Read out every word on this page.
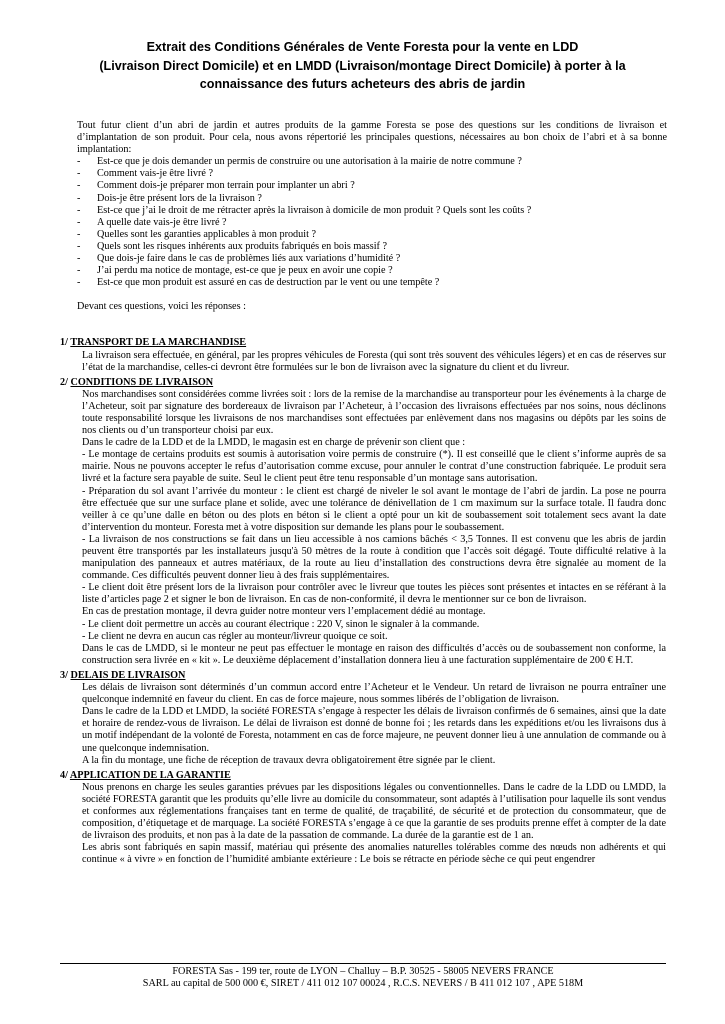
Extrait des Conditions Générales de Vente Foresta pour la vente en LDD
(Livraison Direct Domicile) et en LMDD (Livraison/montage Direct Domicile) à porter à la
connaissance des futurs acheteurs des abris de jardin
Tout futur client d’un abri de jardin et autres produits de la gamme Foresta se pose des questions sur les conditions de livraison et d’implantation de son produit. Pour cela, nous avons répertorié les principales questions, nécessaires au bon choix de l’abri et à sa bonne implantation:
- Est-ce que je dois demander un permis de construire ou une autorisation à la mairie de notre commune ?
- Comment vais-je être livré ?
- Comment dois-je préparer mon terrain pour implanter un abri ?
- Dois-je être présent lors de la livraison ?
- Est-ce que j’ai le droit de me rétracter après la livraison à domicile de mon produit ? Quels sont les coûts ?
- A quelle date vais-je être livré ?
- Quelles sont les garanties applicables à mon produit ?
- Quels sont les risques inhérents aux produits fabriqués en bois massif ?
- Que dois-je faire dans le cas de problèmes liés aux variations d’humidité ?
- J’ai perdu ma notice de montage, est-ce que je peux en avoir une copie ?
- Est-ce que mon produit est assuré en cas de destruction par le vent ou une tempête ?
Devant ces questions, voici les réponses :
1/ TRANSPORT DE LA MARCHANDISE

La livraison sera effectuée, en général, par les propres véhicules de Foresta (qui sont très souvent des véhicules légers) et en cas de réserves sur l’état de la marchandise, celles-ci devront être formulées sur le bon de livraison avec la signature du client et du livreur.

2/ CONDITIONS DE LIVRAISON

Nos marchandises sont considérées comme livrées soit : lors de la remise de la marchandise au transporteur pour les événements à la charge de l’Acheteur, soit par signature des bordereaux de livraison par l’Acheteur, à l’occasion des livraisons effectuées par nos soins, nous déclinons toute responsabilité lorsque les livraisons de nos marchandises sont effectuées par enlèvement dans nos magasins ou dépôts par les soins de nos clients ou d’un transporteur choisi par eux.

Dans le cadre de la LDD et de la LMDD, le magasin est en charge de prévenir son client que :

- Le montage de certains produits est soumis à autorisation voire permis de construire (*). Il est conseillé que le client s’informe auprès de sa mairie. Nous ne pouvons accepter le refus d’autorisation comme excuse, pour annuler le contrat d’une construction fabriquée. Le produit sera livré et la facture sera payable de suite. Seul le client peut être tenu responsable d’un montage sans autorisation.

- Préparation du sol avant l’arrivée du monteur : le client est chargé de niveler le sol avant le montage de l’abri de jardin. La pose ne pourra être effectuée que sur une surface plane et solide, avec une tolérance de dénivellation de 1 cm maximum sur la surface totale. Il faudra donc veiller à ce qu’une dalle en béton ou des plots en béton si le client a opté pour un kit de soubassement soit totalement secs avant la date d’intervention du monteur. Foresta met à votre disposition sur demande les plans pour le soubassement.

- La livraison de nos constructions se fait dans un lieu accessible à nos camions bâchés < 3,5 Tonnes. Il est convenu que les abris de jardin peuvent être transportés par les installateurs jusqu'à 50 mètres de la route à condition que l’accès soit dégagé. Toute difficulté relative à la manipulation des panneaux et autres matériaux, de la route au lieu d’installation des constructions devra être signalée au moment de la commande. Ces difficultés peuvent donner lieu à des frais supplémentaires.

- Le client doit être présent lors de la livraison pour contrôler avec le livreur que toutes les pièces sont présentes et intactes en se référant à la liste d’articles page 2 et signer le bon de livraison. En cas de non-conformité, il devra le mentionner sur ce bon de livraison.

En cas de prestation montage, il devra guider notre monteur vers l’emplacement dédié au montage.

- Le client doit permettre un accès au courant électrique : 220 V, sinon le signaler à la commande.

- Le client ne devra en aucun cas régler au monteur/livreur quoique ce soit.

Dans le cas de LMDD, si le monteur ne peut pas effectuer le montage en raison des difficultés d’accès ou de soubassement non conforme, la construction sera livrée en « kit ». Le deuxième déplacement d’installation donnera lieu à une facturation supplémentaire de 200 € H.T.

3/ DELAIS DE LIVRAISON

Les délais de livraison sont déterminés d’un commun accord entre l’Acheteur et le Vendeur. Un retard de livraison ne pourra entraîner une quelconque indemnité en faveur du client. En cas de force majeure, nous sommes libérés de l’obligation de livraison.

Dans le cadre de la LDD et LMDD, la société FORESTA s’engage à respecter les délais de livraison confirmés de 6 semaines, ainsi que la date et horaire de rendez-vous de livraison. Le délai de livraison est donné de bonne foi ; les retards dans les expéditions et/ou les livraisons dus à un motif indépendant de la volonté de Foresta, notamment en cas de force majeure, ne peuvent donner lieu à une annulation de commande ou à une quelconque indemnisation.

A la fin du montage, une fiche de réception de travaux devra obligatoirement être signée par le client.

4/ APPLICATION DE LA GARANTIE

Nous prenons en charge les seules garanties prévues par les dispositions légales ou conventionnelles. Dans le cadre de la LDD ou LMDD, la société FORESTA garantit que les produits qu’elle livre au domicile du consommateur, sont adaptés à l’utilisation pour laquelle ils sont vendus et conformes aux réglementations françaises tant en terme de qualité, de traçabilité, de sécurité et de protection du consommateur, que de composition, d’étiquetage et de marquage. La société FORESTA s’engage à ce que la garantie de ses produits prenne effet à compter de la date de livraison des produits, et non pas à la date de la passation de commande. La durée de la garantie est de 1 an.

Les abris sont fabriqués en sapin massif, matériau qui présente des anomalies naturelles tolérables comme des nœuds non adhérents et qui continue « à vivre » en fonction de l’humidité ambiante extérieure : Le bois se rétracte en période sèche ce qui peut engendrer

FORESTA Sas - 199 ter, route de LYON – Challuy – B.P. 30525 - 58005 NEVERS FRANCE
SARL au capital de 500 000 €, SIRET / 411 012 107 00024 , R.C.S. NEVERS / B 411 012 107 , APE 518M
